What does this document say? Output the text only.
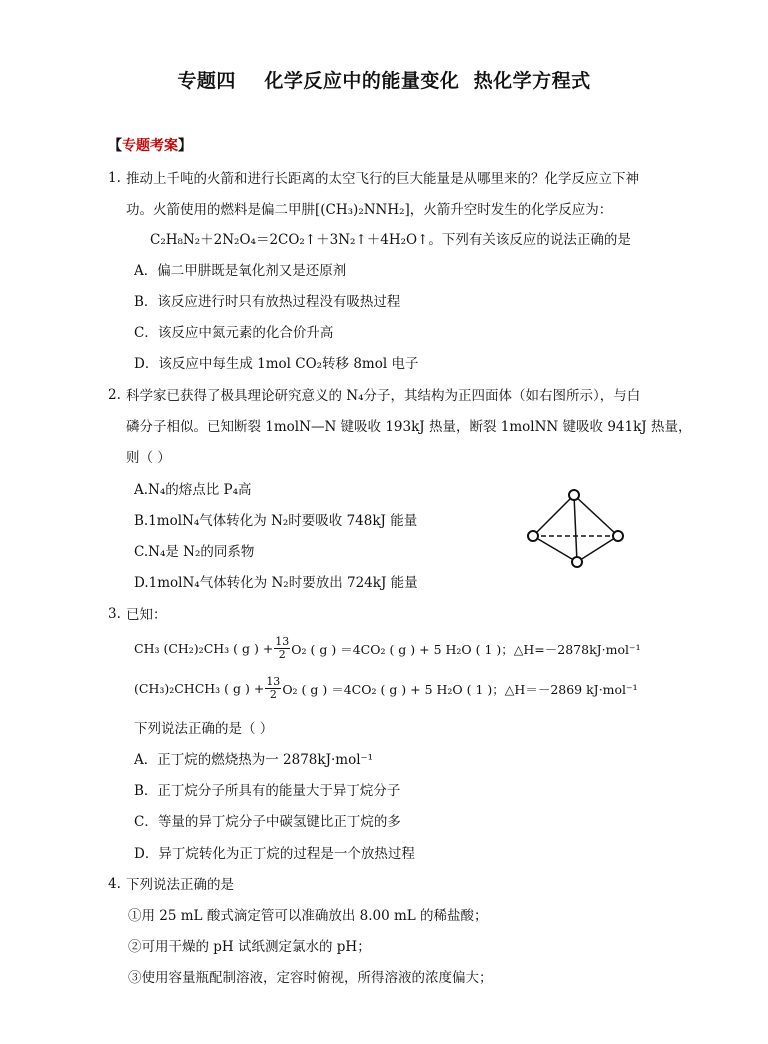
专题四    化学反应中的能量变化  热化学方程式
【专题考案】
1. 推动上千吨的火箭和进行长距离的太空飞行的巨大能量是从哪里来的？化学反应立下神
功。火箭使用的燃料是偏二甲肼[(CH₃)₂NNH₂]，火箭升空时发生的化学反应为：
C₂H₈N₂＋2N₂O₄＝2CO₂↑＋3N₂↑＋4H₂O↑。下列有关该反应的说法正确的是
A．偏二甲肼既是氧化剂又是还原剂
B．该反应进行时只有放热过程没有吸热过程
C．该反应中氮元素的化合价升高
D．该反应中每生成 1mol CO₂转移 8mol 电子
2. 科学家已获得了极具理论研究意义的 N₄分子，其结构为正四面体（如右图所示），与白
磷分子相似。已知断裂 1molN—N 键吸收 193kJ 热量，断裂 1molNN 键吸收 941kJ 热量，
则（ ）
A.N₄的熔点比 P₄高
B.1molN₄气体转化为 N₂时要吸收 748kJ 能量
C.N₄是 N₂的同系物
D.1molN₄气体转化为 N₂时要放出 724kJ 能量
3. 已知：
CH₃ (CH₂)₂CH₃ ( g ) + $\frac{13}{2} O_2$ ( g ) ＝4CO₂ ( g ) + 5 H₂O ( 1 )；△H=－2878kJ·mol⁻¹
(CH₃)₂CHCH₃ ( g ) + $\frac{13}{2} O_2$ ( g ) ＝4CO₂ ( g ) + 5 H₂O ( 1 )；△H＝－2869 kJ·mol⁻¹
下列说法正确的是（ ）
A．正丁烷的燃烧热为一 2878kJ·mol⁻¹
B．正丁烷分子所具有的能量大于异丁烷分子
C．等量的异丁烷分子中碳氢键比正丁烷的多
D．异丁烷转化为正丁烷的过程是一个放热过程
4. 下列说法正确的是
①用 25 mL 酸式滴定管可以准确放出 8.00 mL 的稀盐酸；
②可用干燥的 pH 试纸测定氯水的 pH；
③使用容量瓶配制溶液，定容时俯视，所得溶液的浓度偏大；
